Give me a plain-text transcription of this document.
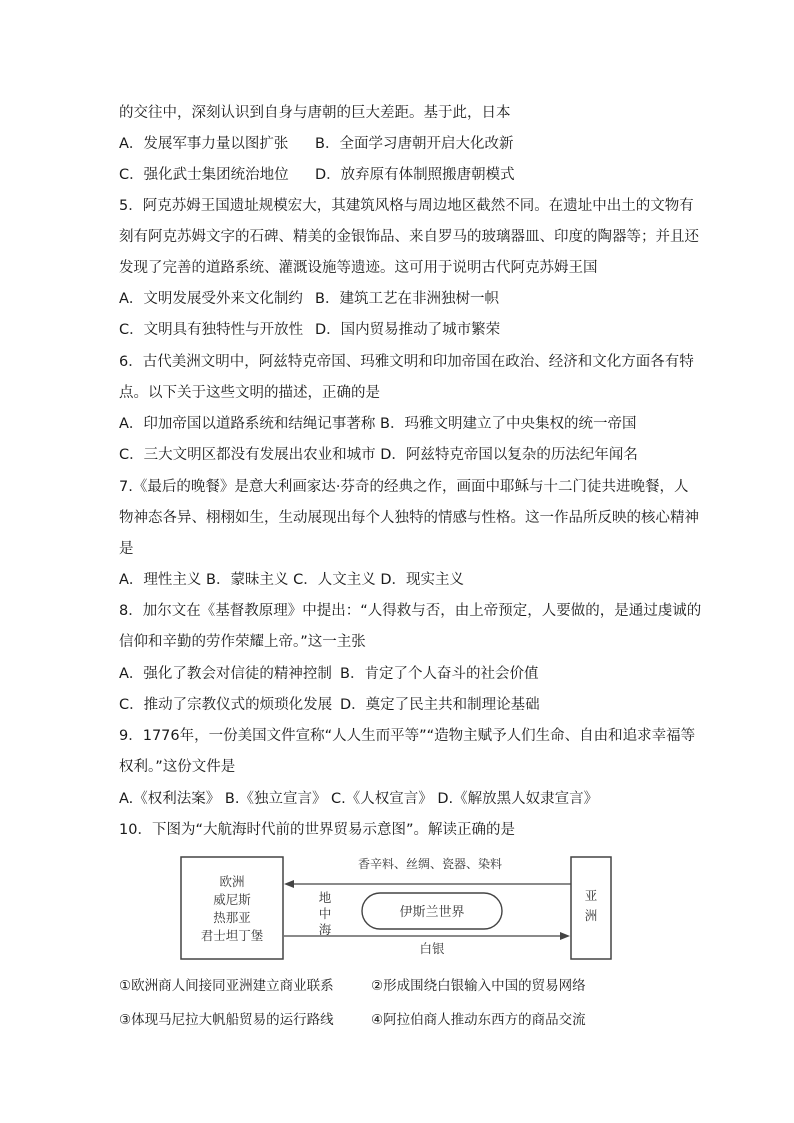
的交往中，深刻认识到自身与唐朝的巨大差距。基于此，日本
A．发展军事力量以图扩张 B．全面学习唐朝开启大化改新
C．强化武士集团统治地位 D．放弃原有体制照搬唐朝模式
5．阿克苏姆王国遗址规模宏大，其建筑风格与周边地区截然不同。在遗址中出土的文物有
刻有阿克苏姆文字的石碑、精美的金银饰品、来自罗马的玻璃器皿、印度的陶器等；并且还
发现了完善的道路系统、灌溉设施等遗迹。这可用于说明古代阿克苏姆王国
A．文明发展受外来文化制约 B．建筑工艺在非洲独树一帜
C．文明具有独特性与开放性 D．国内贸易推动了城市繁荣
6．古代美洲文明中，阿兹特克帝国、玛雅文明和印加帝国在政治、经济和文化方面各有特
点。以下关于这些文明的描述，正确的是
A．印加帝国以道路系统和结绳记事著称 B．玛雅文明建立了中央集权的统一帝国
C．三大文明区都没有发展出农业和城市 D．阿兹特克帝国以复杂的历法纪年闻名
7.《最后的晚餐》是意大利画家达·芬奇的经典之作，画面中耶稣与十二门徒共进晚餐，人
物神态各异、栩栩如生，生动展现出每个人独特的情感与性格。这一作品所反映的核心精神
是
A．理性主义 B．蒙昧主义 C．人文主义 D．现实主义
8．加尔文在《基督教原理》中提出：“人得救与否，由上帝预定，人要做的，是通过虔诚的
信仰和辛勤的劳作荣耀上帝。”这一主张
A．强化了教会对信徒的精神控制 B．肯定了个人奋斗的社会价值
C．推动了宗教仪式的烦琐化发展 D．奠定了民主共和制理论基础
9．1776年，一份美国文件宣称“人人生而平等”“造物主赋予人们生命、自由和追求幸福等
权利。”这份文件是
A.《权利法案》 B.《独立宣言》 C.《人权宣言》 D.《解放黑人奴隶宣言》
10．下图为“大航海时代前的世界贸易示意图”。解读正确的是
欧洲
威尼斯
热那亚
君士坦丁堡
亚
洲
香辛料、丝绸、瓷器、染料
地
中
海
伊斯兰世界
白银
①欧洲商人间接同亚洲建立商业联系	②形成围绕白银输入中国的贸易网络
③体现马尼拉大帆船贸易的运行路线	④阿拉伯商人推动东西方的商品交流
